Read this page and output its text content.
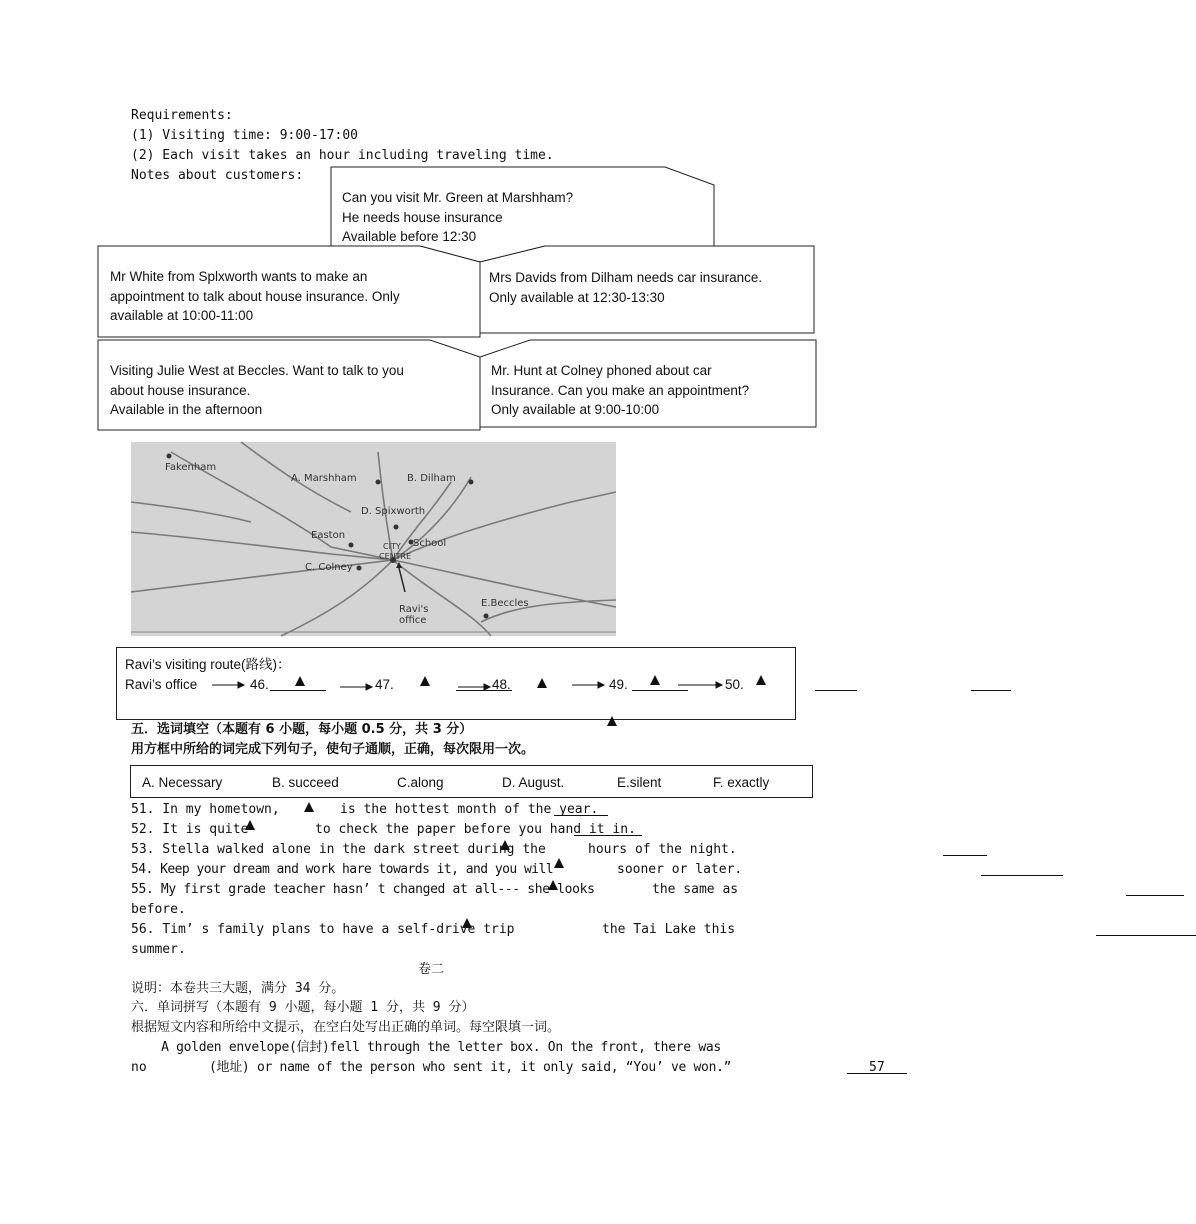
Requirements:
(1) Visiting time: 9:00-17:00
(2) Each visit takes an hour including traveling time.
Notes about customers:
Can you visit Mr. Green at Marshham?
He needs house insurance
Available before 12:30
Mr White from Splxworth wants to make an
appointment to talk about house insurance. Only
available at 10:00-11:00
Mrs Davids from Dilham needs car insurance.
Only available at 12:30-13:30
Visiting Julie West at Beccles. Want to talk to you
about house insurance.
Available in the afternoon
Mr. Hunt at Colney phoned about car
Insurance. Can you make an appointment?
Only available at 9:00-10:00
Fakenham
A. Marshham	B. Dilham
D. Spixworth
Easton
School
CITY
CENTRE
C. Colney
E.Beccles
Ravi's
office
Ravi’s visiting route(路线)：
Ravi’s office	46.
	47.
	48.
	49.
	50.

五．选词填空（本题有 6 小题，每小题 0.5 分，共 3 分）
用方框中所给的词完成下列句子，使句子通顺，正确，每次限用一次。
A. Necessary	B. succeed	C.along	D. August.	E.silent	F. exactly
51. In my hometown,
	is the hottest month of the year.
52. It is quite
	to check the paper before you hand it in.
53. Stella walked alone in the dark street during the
	hours of the night.
54. Keep your dream and work hare towards it, and you will
	sooner or later.
55. My first grade teacher hasn’ t changed at all--- she looks
	the same as
before.
56. Tim’ s family plans to have a self-drive trip
	the Tai Lake this
summer.
卷二
说明：本卷共三大题，满分 34 分。
六．单词拼写（本题有 9 小题，每小题 1 分，共 9 分）
根据短文内容和所给中文提示，在空白处写出正确的单词。每空限填一词。
A golden envelope(信封)fell through the letter box. On the front, there was
no	57
(地址) or name of the person who sent it, it only said, “You’ ve won.”
